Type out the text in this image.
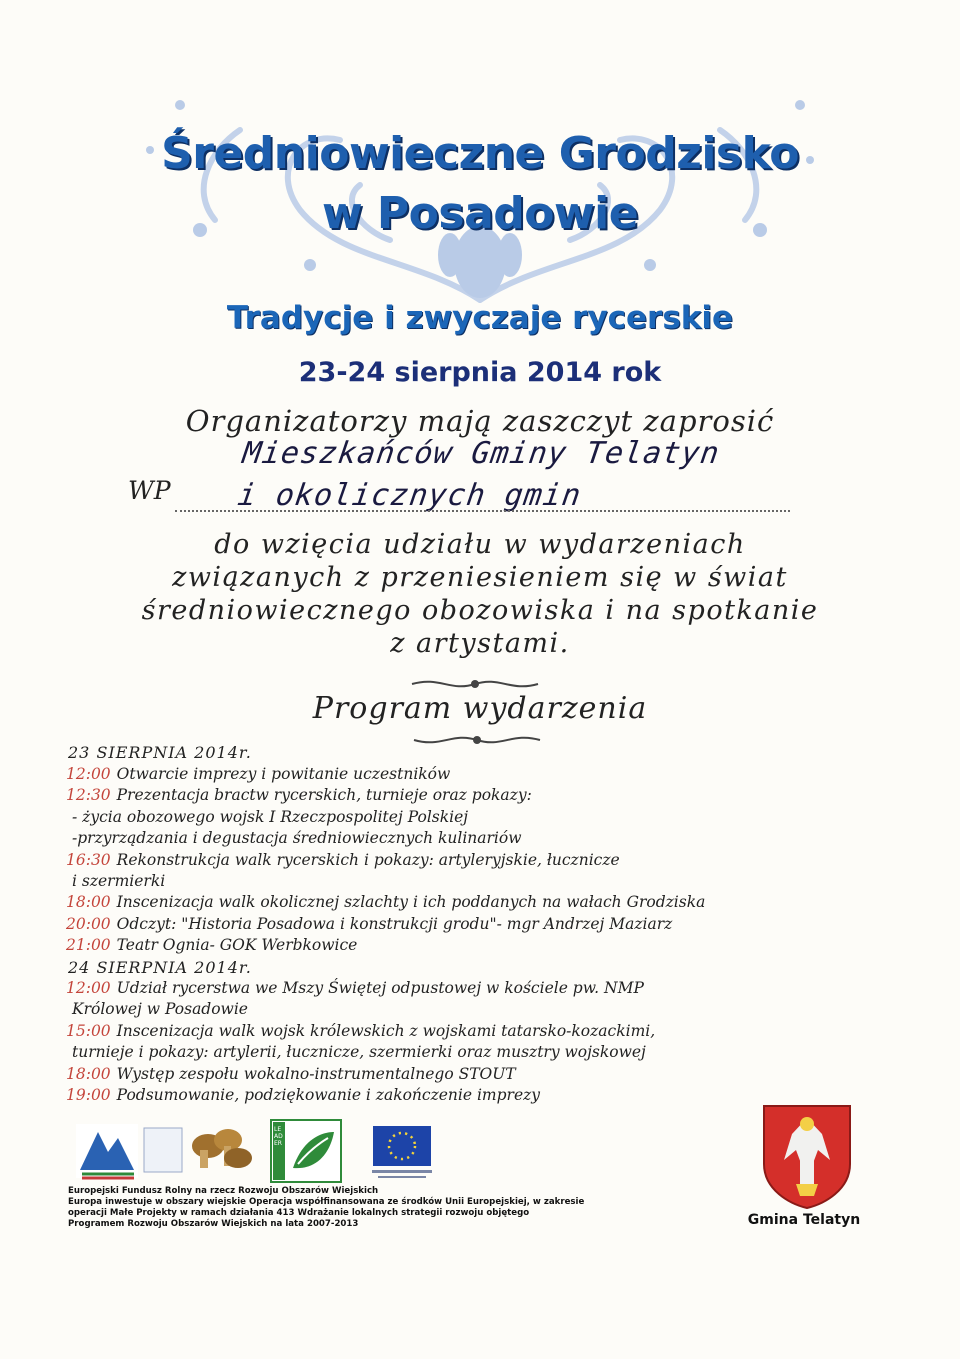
Średniowieczne Grodzisko
w Posadowie
Tradycje i zwyczaje rycerskie
23-24 sierpnia 2014 rok
Organizatorzy mają zaszczyt zaprosić
Mieszkańców Gminy Telatyn
WP i okolicznych gmin
do wzięcia udziału w wydarzeniach
związanych z przeniesieniem się w świat
średniowiecznego obozowiska i na spotkanie
z artystami.
Program wydarzenia
23 SIERPNIA 2014r.
12:00 Otwarcie imprezy i powitanie uczestników
12:30 Prezentacja bractw rycerskich, turnieje oraz pokazy:
- życia obozowego wojsk I Rzeczpospolitej Polskiej
-przyrządzania i degustacja średniowiecznych kulinariów
16:30 Rekonstrukcja walk rycerskich i pokazy: artyleryjskie, łucznicze
i szermierki
18:00 Inscenizacja walk okolicznej szlachty i ich poddanych na wałach Grodziska
20:00 Odczyt: "Historia Posadowa i konstrukcji grodu"- mgr Andrzej Maziarz
21:00 Teatr Ognia- GOK Werbkowice
24 SIERPNIA 2014r.
12:00 Udział rycerstwa we Mszy Świętej odpustowej w kościele pw. NMP
Królowej w Posadowie
15:00 Inscenizacja walk wojsk królewskich z wojskami tatarsko-kozackimi,
turnieje i pokazy: artylerii, łucznicze, szermierki oraz musztry wojskowej
18:00 Występ zespołu wokalno-instrumentalnego STOUT
19:00 Podsumowanie, podziękowanie i zakończenie imprezy
LEADER
Gmina Telatyn
Europejski Fundusz Rolny na rzecz Rozwoju Obszarów Wiejskich
Europa inwestuje w obszary wiejskie Operacja współfinansowana ze środków Unii Europejskiej, w zakresie
operacji Małe Projekty w ramach działania 413 Wdrażanie lokalnych strategii rozwoju objętego
Programem Rozwoju Obszarów Wiejskich na lata 2007-2013
